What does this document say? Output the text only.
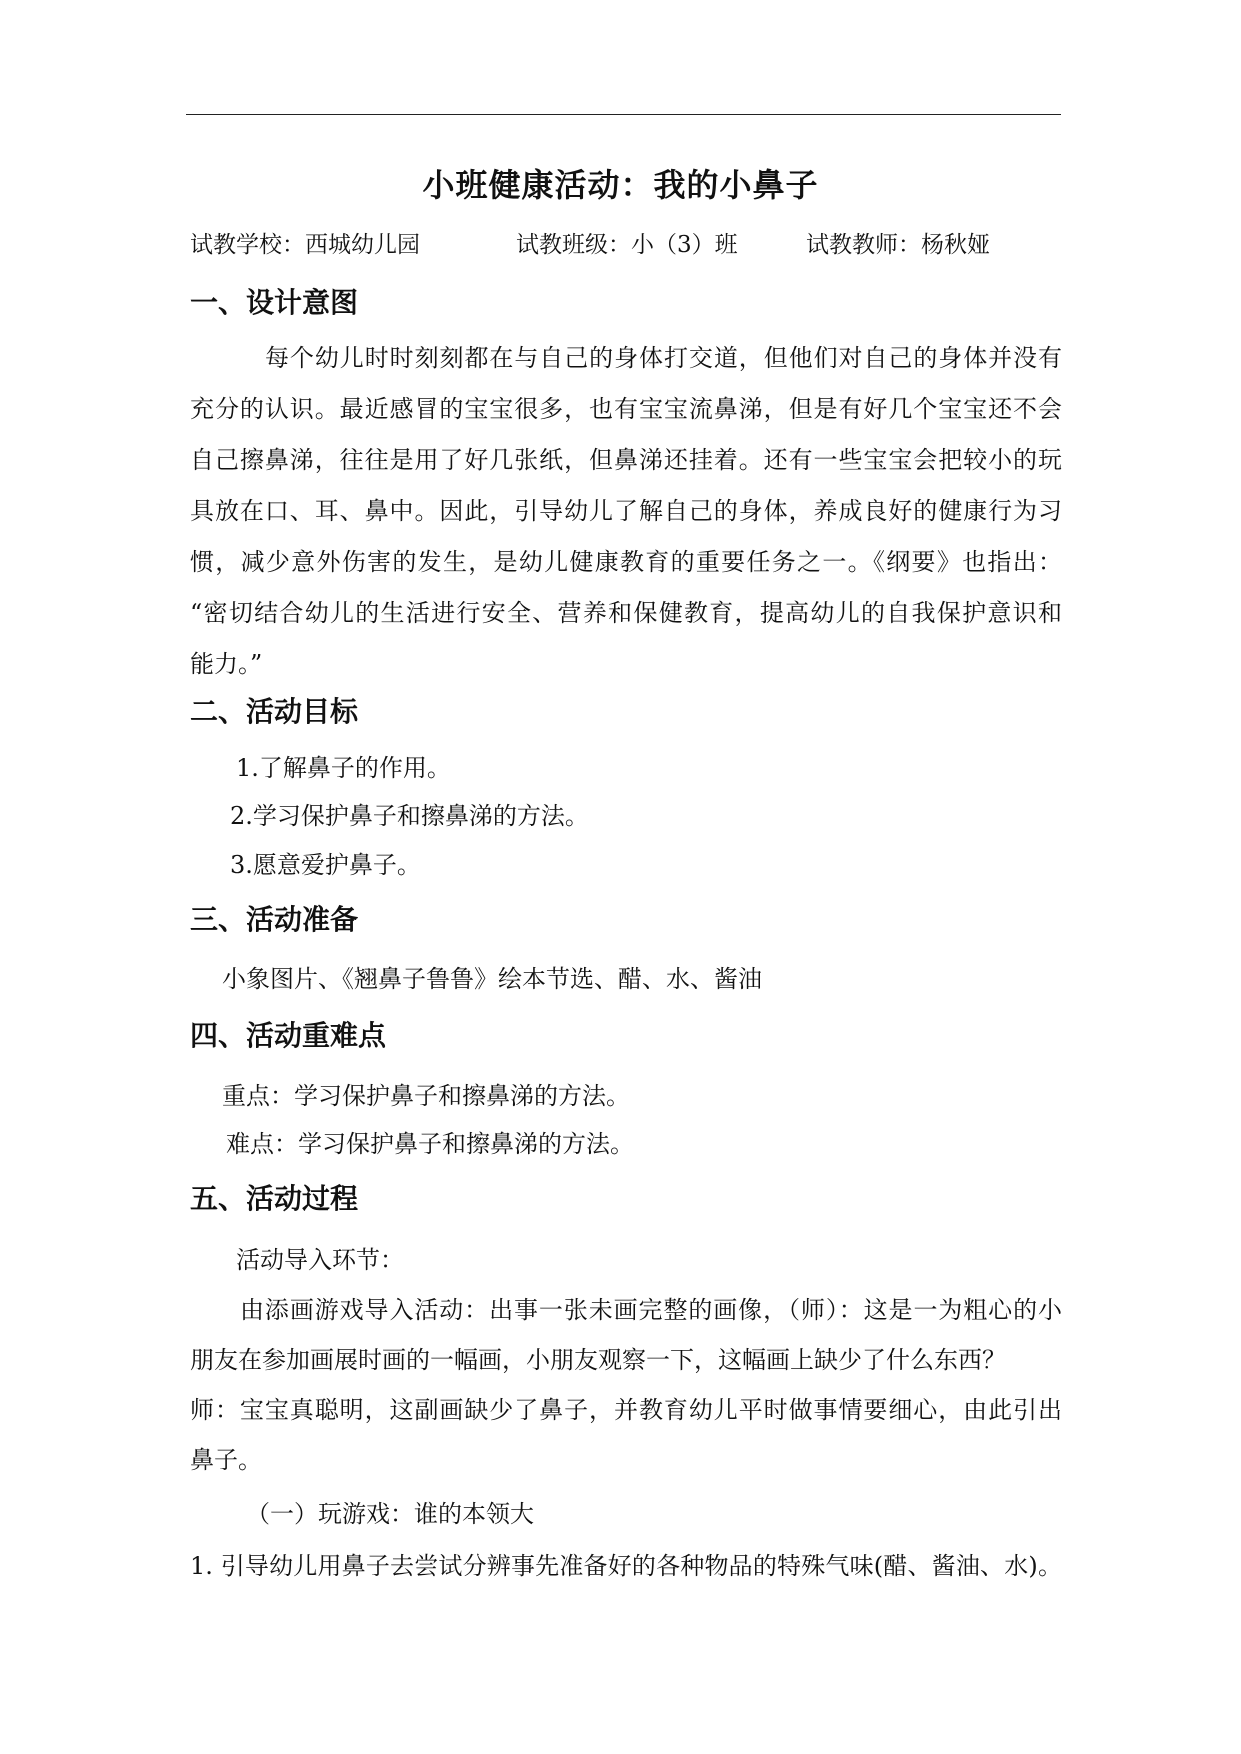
小班健康活动：我的小鼻子
试教学校：西城幼儿园	试教班级：小（3）班	试教教师：杨秋娅
一、设计意图
每个幼儿时时刻刻都在与自己的身体打交道，但他们对自己的身体并没有
充分的认识。最近感冒的宝宝很多，也有宝宝流鼻涕，但是有好几个宝宝还不会
自己擦鼻涕，往往是用了好几张纸，但鼻涕还挂着。还有一些宝宝会把较小的玩
具放在口、耳、鼻中。因此，引导幼儿了解自己的身体，养成良好的健康行为习
惯，减少意外伤害的发生，是幼儿健康教育的重要任务之一。《纲要》也指出：
“密切结合幼儿的生活进行安全、营养和保健教育，提高幼儿的自我保护意识和
能力。”
二、活动目标
1.了解鼻子的作用。
2.学习保护鼻子和擦鼻涕的方法。
3.愿意爱护鼻子。
三、活动准备
小象图片、《翘鼻子鲁鲁》绘本节选、醋、水、酱油
四、活动重难点
重点：学习保护鼻子和擦鼻涕的方法。
难点：学习保护鼻子和擦鼻涕的方法。
五、活动过程
活动导入环节：
由添画游戏导入活动：出事一张未画完整的画像，（师）：这是一为粗心的小
朋友在参加画展时画的一幅画，小朋友观察一下，这幅画上缺少了什么东西？
师：宝宝真聪明，这副画缺少了鼻子，并教育幼儿平时做事情要细心，由此引出
鼻子。
（一）玩游戏：谁的本领大
1. 引导幼儿用鼻子去尝试分辨事先准备好的各种物品的特殊气味(醋、酱油、水)。
